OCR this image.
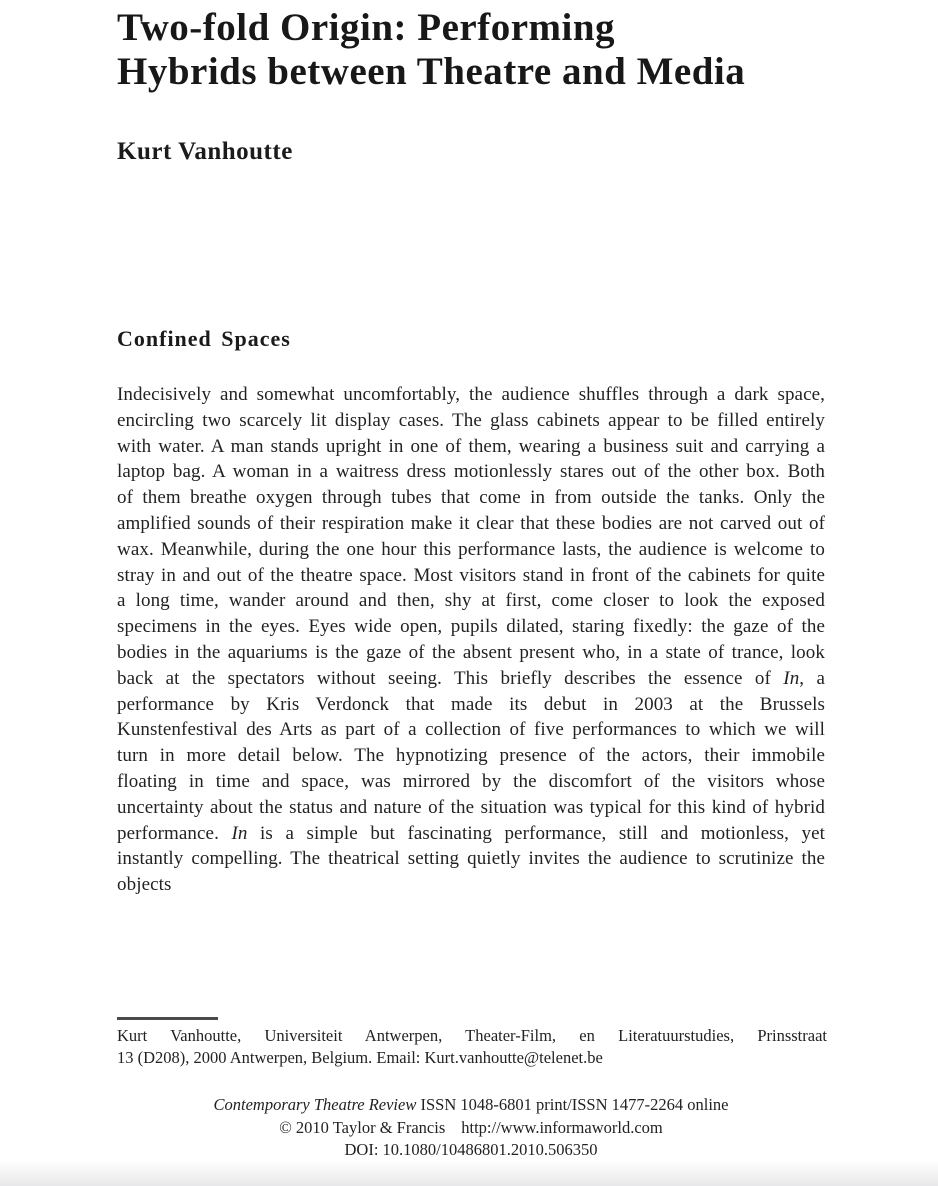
Two-fold Origin: Performing
Hybrids between Theatre and Media
Kurt Vanhoutte
Confined Spaces

Indecisively and somewhat uncomfortably, the audience shuffles through a dark space, encircling two scarcely lit display cases. The glass cabinets appear to be filled entirely with water. A man stands upright in one of them, wearing a business suit and carrying a laptop bag. A woman in a waitress dress motionlessly stares out of the other box. Both of them breathe oxygen through tubes that come in from outside the tanks. Only the amplified sounds of their respiration make it clear that these bodies are not carved out of wax. Meanwhile, during the one hour this performance lasts, the audience is welcome to stray in and out of the theatre space. Most visitors stand in front of the cabinets for quite a long time, wander around and then, shy at first, come closer to look the exposed specimens in the eyes. Eyes wide open, pupils dilated, staring fixedly: the gaze of the bodies in the aquariums is the gaze of the absent present who, in a state of trance, look back at the spectators without seeing. This briefly describes the essence of In, a performance by Kris Verdonck that made its debut in 2003 at the Brussels Kunstenfestival des Arts as part of a collection of five performances to which we will turn in more detail below. The hypnotizing presence of the actors, their immobile floating in time and space, was mirrored by the discomfort of the visitors whose uncertainty about the status and nature of the situation was typical for this kind of hybrid performance. In is a simple but fascinating performance, still and motionless, yet instantly compelling. The theatrical setting quietly invites the audience to scrutinize the objects

Kurt Vanhoutte, Universiteit Antwerpen, Theater-Film, en Literatuurstudies, Prinsstraat
13 (D208), 2000 Antwerpen, Belgium. Email: Kurt.vanhoutte@telenet.be
Contemporary Theatre Review ISSN 1048-6801 print/ISSN 1477-2264 online
© 2010 Taylor & Francis http://www.informaworld.com
DOI: 10.1080/10486801.2010.506350
